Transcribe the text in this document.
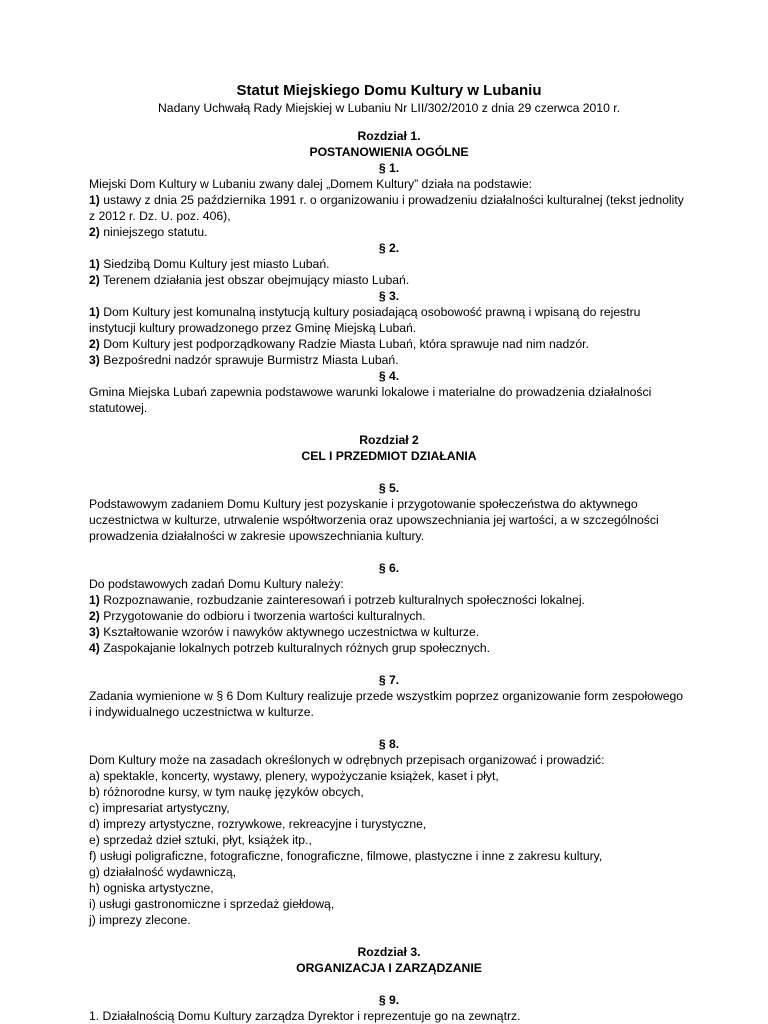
Statut Miejskiego Domu Kultury w Lubaniu

Nadany Uchwałą Rady Miejskiej w Lubaniu Nr LII/302/2010 z dnia 29 czerwca 2010 r.

Rozdział 1.
POSTANOWIENIA OGÓLNE
§ 1.

Miejski Dom Kultury w Lubaniu zwany dalej „Domem Kultury” działa na podstawie:

1) ustawy z dnia 25 października 1991 r. o organizowaniu i prowadzeniu działalności kulturalnej (tekst jednolity z 2012 r. Dz. U. poz. 406),

2) niniejszego statutu.

§ 2.

1) Siedzibą Domu Kultury jest miasto Lubań.

2) Terenem działania jest obszar obejmujący miasto Lubań.

§ 3.

1) Dom Kultury jest komunalną instytucją kultury posiadającą osobowość prawną i wpisaną do rejestru instytucji kultury prowadzonego przez Gminę Miejską Lubań.

2) Dom Kultury jest podporządkowany Radzie Miasta Lubań, która sprawuje nad nim nadzór.

3) Bezpośredni nadzór sprawuje Burmistrz Miasta Lubań.

§ 4.

Gmina Miejska Lubań zapewnia podstawowe warunki lokalowe i materialne do prowadzenia działalności statutowej.

Rozdział 2
CEL I PRZEDMIOT DZIAŁANIA
§ 5.

Podstawowym zadaniem Domu Kultury jest pozyskanie i przygotowanie społeczeństwa do aktywnego uczestnictwa w kulturze, utrwalenie współtworzenia oraz upowszechniania jej wartości, a w szczególności prowadzenia działalności w zakresie upowszechniania kultury.

§ 6.

Do podstawowych zadań Domu Kultury należy:

1) Rozpoznawanie, rozbudzanie zainteresowań i potrzeb kulturalnych społeczności lokalnej.

2) Przygotowanie do odbioru i tworzenia wartości kulturalnych.

3) Kształtowanie wzorów i nawyków aktywnego uczestnictwa w kulturze.

4) Zaspokajanie lokalnych potrzeb kulturalnych różnych grup społecznych.

§ 7.

Zadania wymienione w § 6 Dom Kultury realizuje przede wszystkim poprzez organizowanie form zespołowego i indywidualnego uczestnictwa w kulturze.

§ 8.

Dom Kultury może na zasadach określonych w odrębnych przepisach organizować i prowadzić:

a) spektakle, koncerty, wystawy, plenery, wypożyczanie książek, kaset i płyt,

b) różnorodne kursy, w tym naukę języków obcych,

c) impresariat artystyczny,

d) imprezy artystyczne, rozrywkowe, rekreacyjne i turystyczne,

e) sprzedaż dzieł sztuki, płyt, książek itp.,

f) usługi poligraficzne, fotograficzne, fonograficzne, filmowe, plastyczne i inne z zakresu kultury,

g) działalność wydawniczą,

h) ogniska artystyczne,

i) usługi gastronomiczne i sprzedaż giełdową,

j) imprezy zlecone.

Rozdział 3.
ORGANIZACJA I ZARZĄDZANIE
§ 9.

1. Działalnością Domu Kultury zarządza Dyrektor i reprezentuje go na zewnątrz.
